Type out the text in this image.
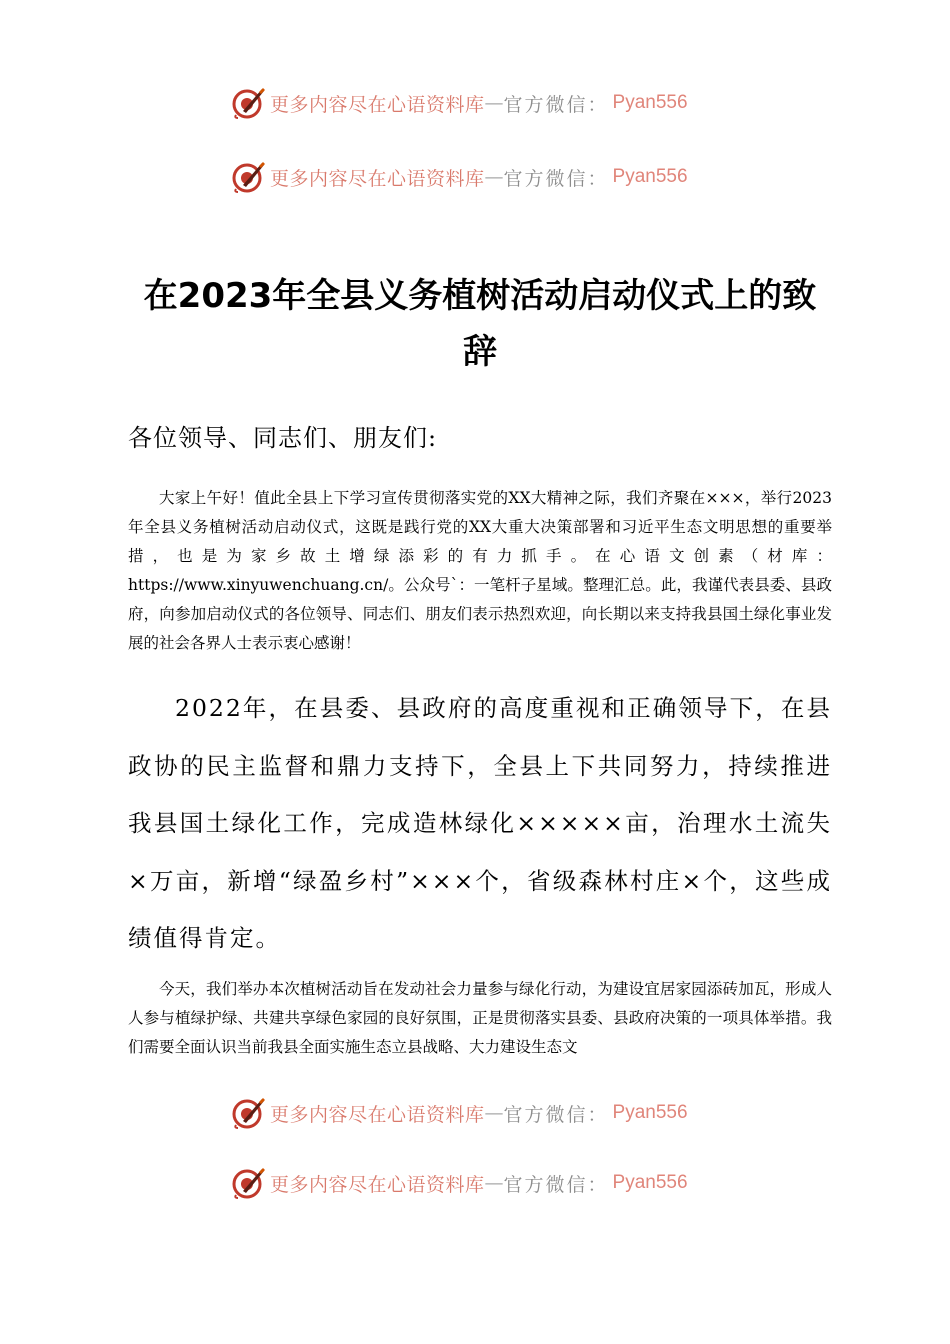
更多内容尽在心语资料库 — 官方微信： Pyan556
更多内容尽在心语资料库 — 官方微信： Pyan556
在2023年全县义务植树活动启动仪式上的致辞

各位领导、同志们、朋友们:

大家上午好！值此全县上下学习宣传贯彻落实党的XX大精神之际，我们齐聚在×××，举行2023年全县义务植树活动启动仪式，这既是践行党的XX大重大决策部署和习近平生态文明思想的重要举措，也是为家乡故土增绿添彩的有力抓手。在心语文创素（材库：https://www.xinyuwenchuang.cn/。公众号`：一笔杆子星域。整理汇总。此，我谨代表县委、县政府，向参加启动仪式的各位领导、同志们、朋友们表示热烈欢迎，向长期以来支持我县国土绿化事业发展的社会各界人士表示衷心感谢！

2022年，在县委、县政府的高度重视和正确领导下，在县政协的民主监督和鼎力支持下，全县上下共同努力，持续推进我县国土绿化工作，完成造林绿化×××××亩，治理水土流失×万亩，新增“绿盈乡村”×××个，省级森林村庄×个，这些成绩值得肯定。

今天，我们举办本次植树活动旨在发动社会力量参与绿化行动，为建设宜居家园添砖加瓦，形成人人参与植绿护绿、共建共享绿色家园的良好氛围，正是贯彻落实县委、县政府决策的一项具体举措。我们需要全面认识当前我县全面实施生态立县战略、大力建设生态文

更多内容尽在心语资料库 — 官方微信： Pyan556
更多内容尽在心语资料库 — 官方微信： Pyan556
